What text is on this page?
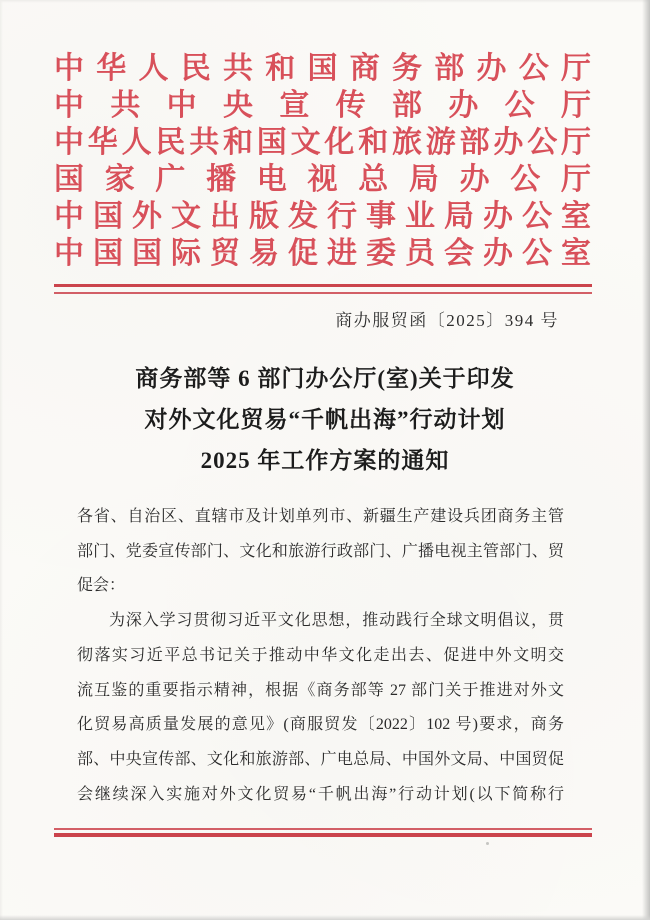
中华人民共和国商务部办公厅
中共中央宣传部办公厅
中华人民共和国文化和旅游部办公厅
国家广播电视总局办公厅
中国外文出版发行事业局办公室
中国国际贸易促进委员会办公室
商办服贸函〔2025〕394 号
商务部等 6 部门办公厅(室)关于印发
对外文化贸易“千帆出海”行动计划
2025 年工作方案的通知
各省、自治区、直辖市及计划单列市、新疆生产建设兵团商务主管
部门、党委宣传部门、文化和旅游行政部门、广播电视主管部门、贸
促会：
为深入学习贯彻习近平文化思想，推动践行全球文明倡议，贯
彻落实习近平总书记关于推动中华文化走出去、促进中外文明交
流互鉴的重要指示精神，根据《商务部等 27 部门关于推进对外文
化贸易高质量发展的意见》(商服贸发〔2022〕102 号)要求，商务
部、中央宣传部、文化和旅游部、广电总局、中国外文局、中国贸促
会继续深入实施对外文化贸易“千帆出海”行动计划(以下简称行
